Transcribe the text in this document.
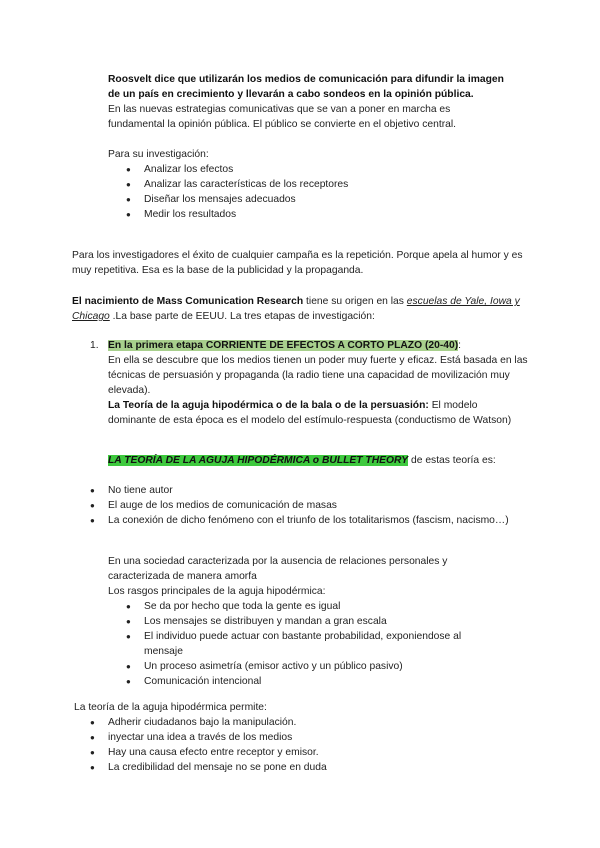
Roosvelt dice que utilizarán los medios de comunicación para difundir la imagen de un país en crecimiento y llevarán a cabo sondeos en la opinión pública.

En las nuevas estrategias comunicativas que se van a poner en marcha es fundamental la opinión pública. El público se convierte en el objetivo central.

Para su investigación:

● Analizar los efectos
● Analizar las características de los receptores
● Diseñar los mensajes adecuados
● Medir los resultados

Para los investigadores el éxito de cualquier campaña es la repetición. Porque apela al humor y es muy repetitiva. Esa es la base de la publicidad y la propaganda.

El nacimiento de Mass Comunication Research tiene su origen en las escuelas de Yale, Iowa y Chicago .La base parte de EEUU. La tres etapas de investigación:

1. En la primera etapa CORRIENTE DE EFECTOS A CORTO PLAZO (20-40):

En ella se descubre que los medios tienen un poder muy fuerte y eficaz. Está basada en las técnicas de persuasión y propaganda (la radio tiene una capacidad de movilización muy elevada).

La Teoría de la aguja hipodérmica o de la bala o de la persuasión: El modelo dominante de esta época es el modelo del estímulo-respuesta (conductismo de Watson)

LA TEORÍA DE LA AGUJA HIPODÉRMICA o BULLET THEORY de estas teoría es:

● No tiene autor
● El auge de los medios de comunicación de masas
● La conexión de dicho fenómeno con el triunfo de los totalitarismos (fascism, nacismo…)

En una sociedad caracterizada por la ausencia de relaciones personales y caracterizada de manera amorfa

Los rasgos principales de la aguja hipodérmica:

● Se da por hecho que toda la gente es igual
● Los mensajes se distribuyen y mandan a gran escala
● El individuo puede actuar con bastante probabilidad, exponiendose al mensaje
● Un proceso asimetría (emisor activo y un público pasivo)
● Comunicación intencional

La teoría de la aguja hipodérmica permite:

● Adherir ciudadanos bajo la manipulación.
● inyectar una idea a través de los medios
● Hay una causa efecto entre receptor y emisor.
● La credibilidad del mensaje no se pone en duda
